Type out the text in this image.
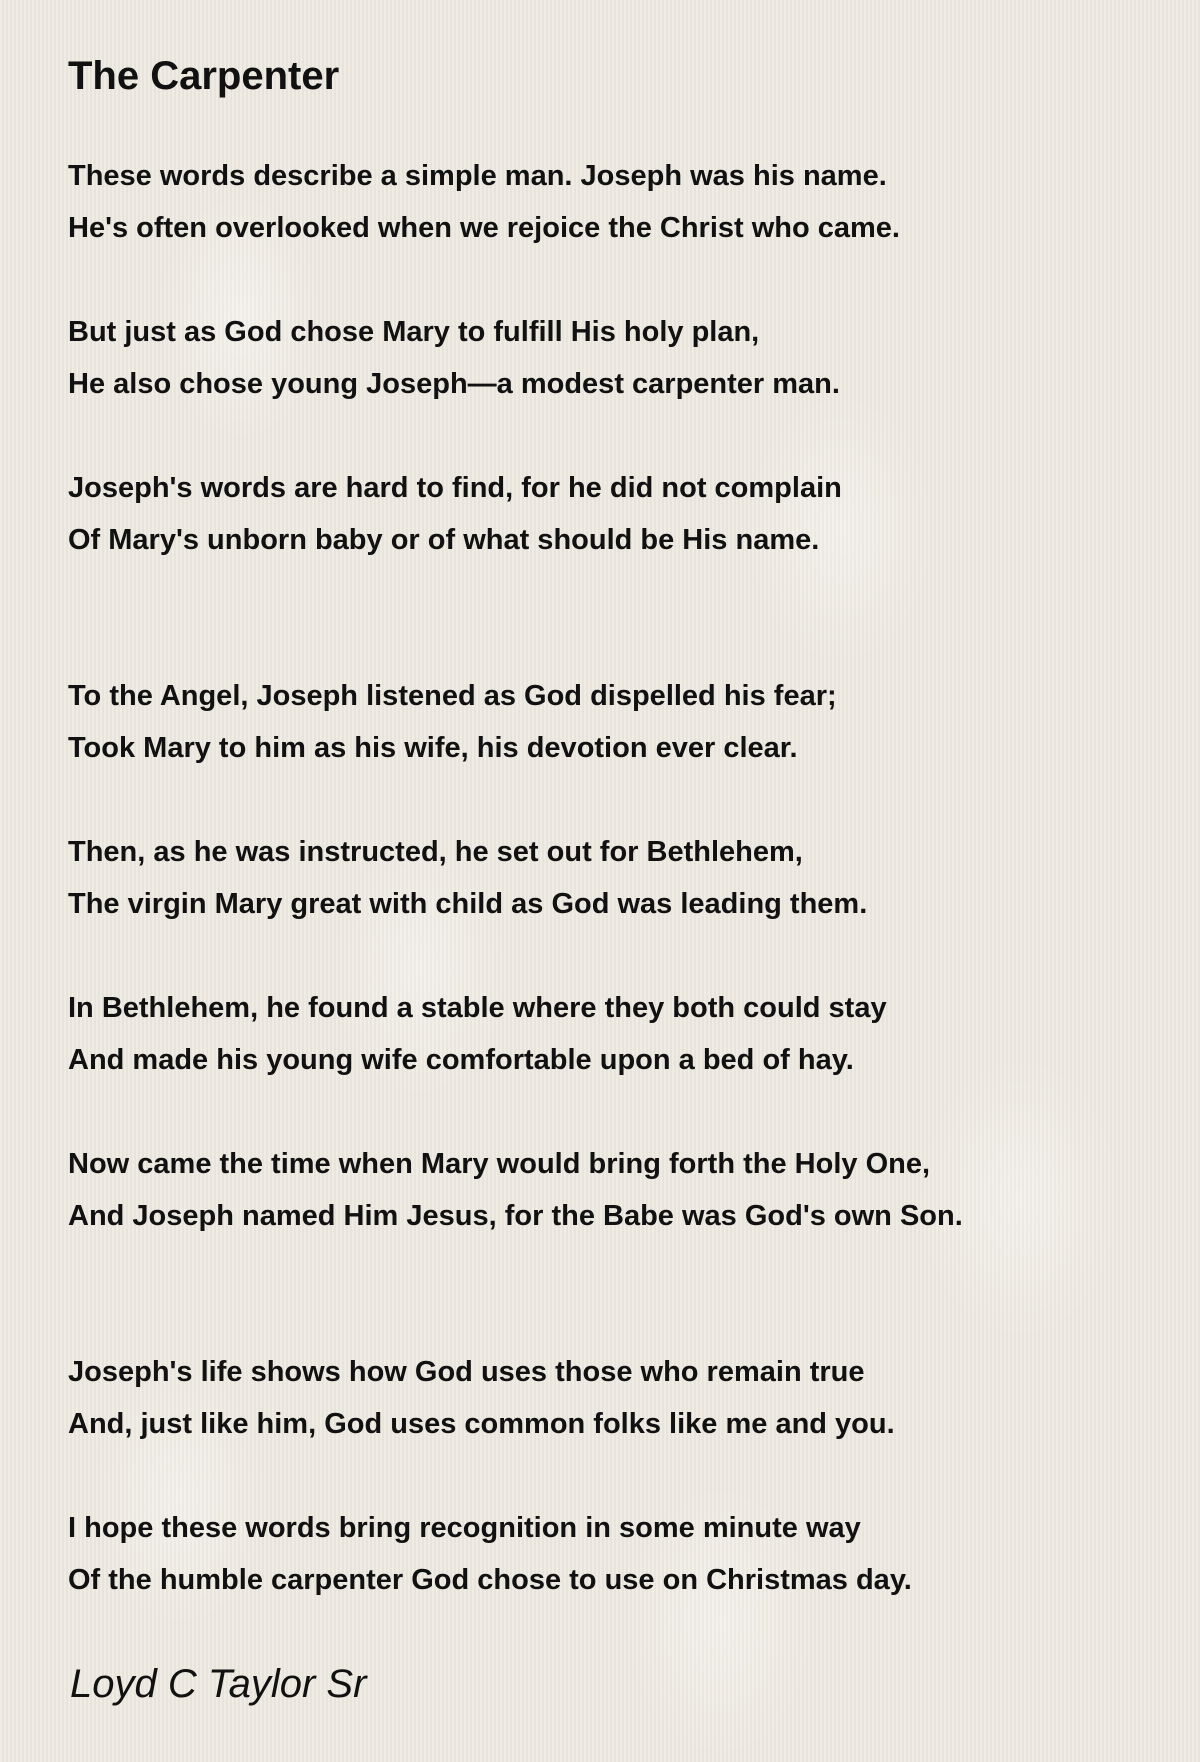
The Carpenter
These words describe a simple man. Joseph was his name.
He's often overlooked when we rejoice the Christ who came.
But just as God chose Mary to fulfill His holy plan,
He also chose young Joseph—a modest carpenter man.
Joseph's words are hard to find, for he did not complain
Of Mary's unborn baby or of what should be His name.
To the Angel, Joseph listened as God dispelled his fear;
Took Mary to him as his wife, his devotion ever clear.
Then, as he was instructed, he set out for Bethlehem,
The virgin Mary great with child as God was leading them.
In Bethlehem, he found a stable where they both could stay
And made his young wife comfortable upon a bed of hay.
Now came the time when Mary would bring forth the Holy One,
And Joseph named Him Jesus, for the Babe was God's own Son.
Joseph's life shows how God uses those who remain true
And, just like him, God uses common folks like me and you.
I hope these words bring recognition in some minute way
Of the humble carpenter God chose to use on Christmas day.

Loyd C Taylor Sr
